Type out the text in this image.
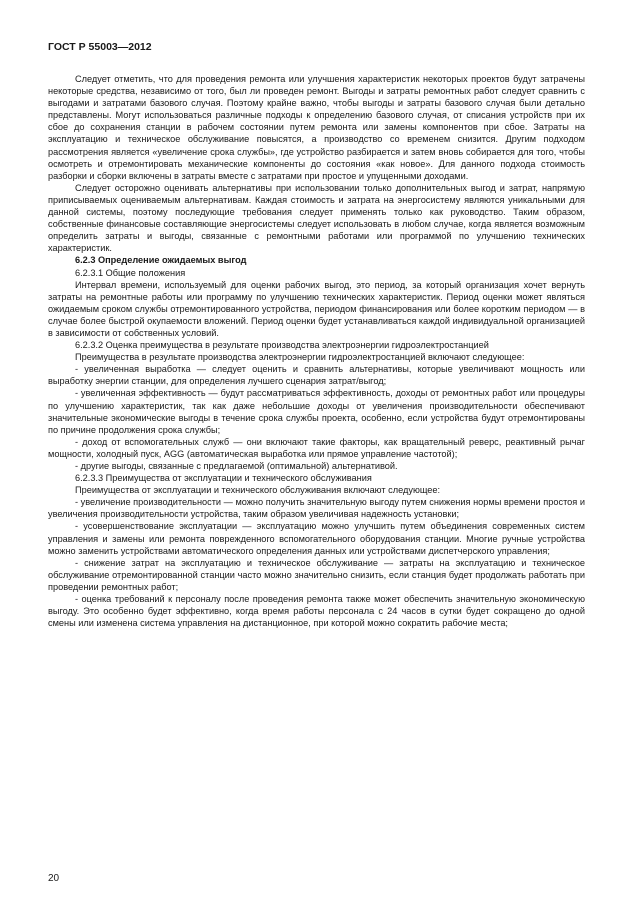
ГОСТ Р 55003—2012

Следует отметить, что для проведения ремонта или улучшения характеристик некоторых проектов будут затрачены некоторые средства, независимо от того, был ли проведен ремонт. Выгоды и затраты ремонтных работ следует сравнить с выгодами и затратами базового случая. Поэтому крайне важно, чтобы выгоды и затраты базового случая были детально представлены. Могут использоваться различные подходы к определению базового случая, от списания устройств при их сбое до сохранения станции в рабочем состоянии путем ремонта или замены компонентов при сбое. Затраты на эксплуатацию и техническое обслуживание повысятся, а производство со временем снизится. Другим подходом рассмотрения является «увеличение срока службы», где устройство разбирается и затем вновь собирается для того, чтобы осмотреть и отремонтировать механические компоненты до состояния «как новое». Для данного подхода стоимость разборки и сборки включены в затраты вместе с затратами при простое и упущенными доходами.

Следует осторожно оценивать альтернативы при использовании только дополнительных выгод и затрат, напрямую приписываемых оцениваемым альтернативам. Каждая стоимость и затрата на энергосистему являются уникальными для данной системы, поэтому последующие требования следует применять только как руководство. Таким образом, собственные финансовые составляющие энергосистемы следует использовать в любом случае, когда является возможным определить затраты и выгоды, связанные с ремонтными работами или программой по улучшению технических характеристик.

6.2.3 Определение ожидаемых выгод

6.2.3.1 Общие положения

Интервал времени, используемый для оценки рабочих выгод, это период, за который организация хочет вернуть затраты на ремонтные работы или программу по улучшению технических характеристик. Период оценки может являться ожидаемым сроком службы отремонтированного устройства, периодом финансирования или более коротким периодом — в случае более быстрой окупаемости вложений. Период оценки будет устанавливаться каждой индивидуальной организацией в зависимости от собственных условий.

6.2.3.2 Оценка преимущества в результате производства электроэнергии гидроэлектростанцией

Преимущества в результате производства электроэнергии гидроэлектростанцией включают следующее:

- увеличенная выработка — следует оценить и сравнить альтернативы, которые увеличивают мощность или выработку энергии станции, для определения лучшего сценария затрат/выгод;

- увеличенная эффективность — будут рассматриваться эффективность, доходы от ремонтных работ или процедуры по улучшению характеристик, так как даже небольшие доходы от увеличения производительности обеспечивают значительные экономические выгоды в течение срока службы проекта, особенно, если устройства будут отремонтированы по причине продолжения срока службы;

- доход от вспомогательных служб — они включают такие факторы, как вращательный реверс, реактивный рычаг мощности, холодный пуск, AGG (автоматическая выработка или прямое управление частотой);

- другие выгоды, связанные с предлагаемой (оптимальной) альтернативой.

6.2.3.3 Преимущества от эксплуатации и технического обслуживания

Преимущества от эксплуатации и технического обслуживания включают следующее:

- увеличение производительности — можно получить значительную выгоду путем снижения нормы времени простоя и увеличения производительности устройства, таким образом увеличивая надежность установки;

- усовершенствование эксплуатации — эксплуатацию можно улучшить путем объединения современных систем управления и замены или ремонта поврежденного вспомогательного оборудования станции. Многие ручные устройства можно заменить устройствами автоматического определения данных или устройствами диспетчерского управления;

- снижение затрат на эксплуатацию и техническое обслуживание — затраты на эксплуатацию и техническое обслуживание отремонтированной станции часто можно значительно снизить, если станция будет продолжать работать при проведении ремонтных работ;

- оценка требований к персоналу после проведения ремонта также может обеспечить значительную экономическую выгоду. Это особенно будет эффективно, когда время работы персонала с 24 часов в сутки будет сокращено до одной смены или изменена система управления на дистанционное, при которой можно сократить рабочие места;

20
